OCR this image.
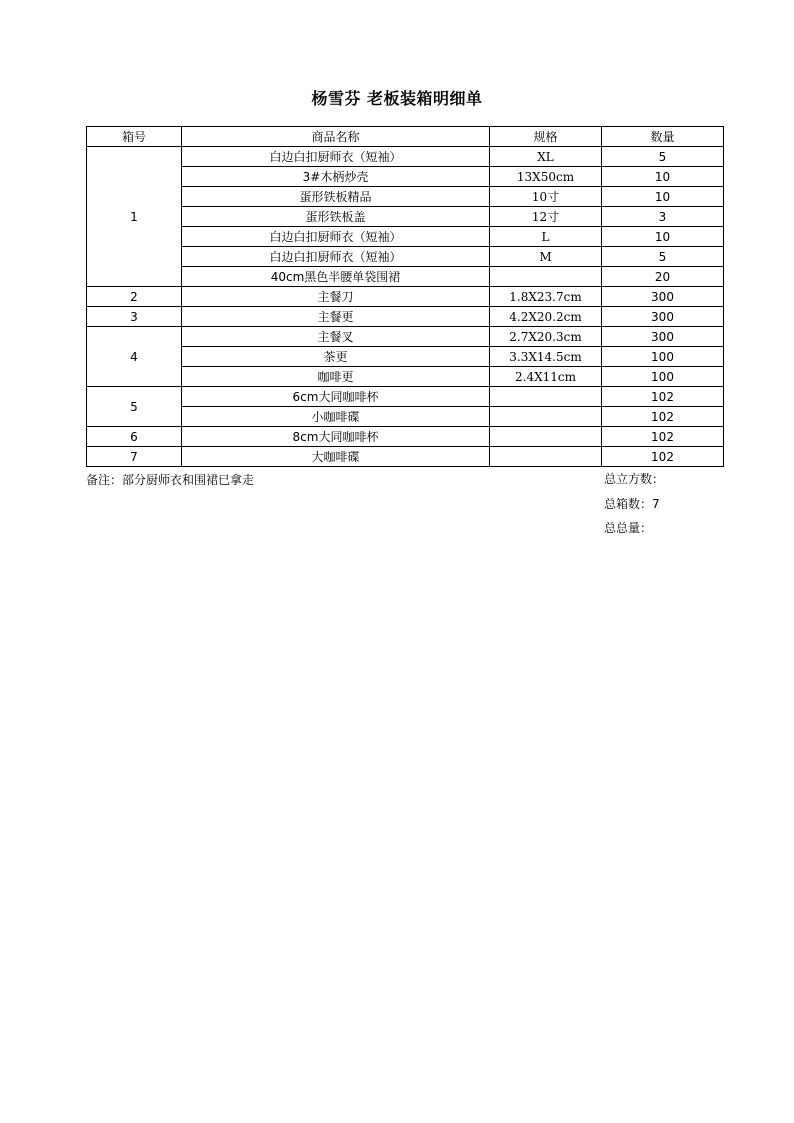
杨雪芬 老板装箱明细单
箱号	商品名称	规格	数量
1	白边白扣厨师衣（短袖）	XL	5
	3#木柄炒壳	13X50cm	10
	蛋形铁板精品	10寸	10
	蛋形铁板盖	12寸	3
	白边白扣厨师衣（短袖）	L	10
	白边白扣厨师衣（短袖）	M	5
	40cm黑色半腰单袋围裙		20
2	主餐刀	1.8X23.7cm	300
3	主餐更	4.2X20.2cm	300
4	主餐叉	2.7X20.3cm	300
	茶更	3.3X14.5cm	100
	咖啡更	2.4X11cm	100
5	6cm大同咖啡杯		102
	小咖啡碟		102
6	8cm大同咖啡杯		102
7	大咖啡碟		102
备注：部分厨师衣和围裙已拿走	总立方数：
总箱数：7
总总量：
